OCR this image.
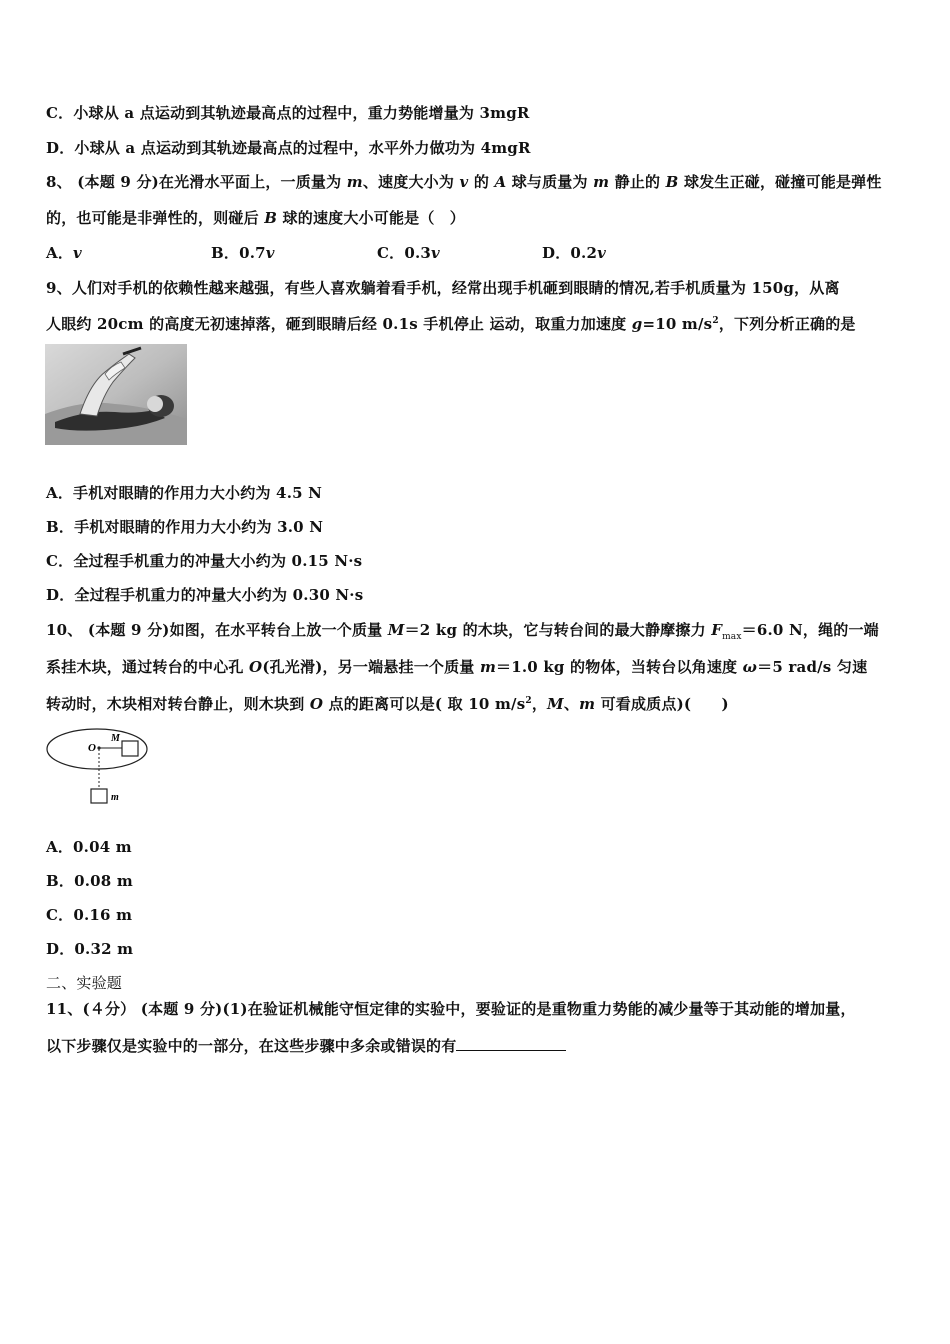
C．小球从 a 点运动到其轨迹最高点的过程中，重力势能增量为 3mgR
D．小球从 a 点运动到其轨迹最高点的过程中，水平外力做功为 4mgR
8、 (本题 9 分)在光滑水平面上，一质量为 m、速度大小为 v 的 A 球与质量为 m 静止的 B 球发生正碰，碰撞可能是弹性
的，也可能是非弹性的，则碰后 B 球的速度大小可能是（　）
A．v	B．0.7v	C．0.3v	D．0.2v
9、人们对手机的依赖性越来越强，有些人喜欢躺着看手机，经常出现手机砸到眼睛的情况,若手机质量为 150g，从离
人眼约 20cm 的高度无初速掉落，砸到眼睛后经 0.1s 手机停止 运动，取重力加速度 g=10 $m/s^2$，下列分析正确的是
A．手机对眼睛的作用力大小约为 4.5 N
B．手机对眼睛的作用力大小约为 3.0 N
C．全过程手机重力的冲量大小约为 0.15 N·s
D．全过程手机重力的冲量大小约为 0.30 N·s
10、 (本题 9 分)如图，在水平转台上放一个质量 M＝2 kg 的木块，它与转台间的最大静摩擦力 $F_{max}=6.0$ N，绳的一端
系挂木块，通过转台的中心孔 O(孔光滑)，另一端悬挂一个质量 m＝1.0 kg 的物体，当转台以角速度 ω＝5 rad/s 匀速
转动时，木块相对转台静止，则木块到 O 点的距离可以是( 取 10 $m/s^2$，M、m 可看成质点)(　　)
O
M
m
A．0.04 m
B．0.08 m
C．0.16 m
D．0.32 m
二、实验题
11、(４分） (本题 9 分)(1)在验证机械能守恒定律的实验中，要验证的是重物重力势能的减少量等于其动能的增加量，
以下步骤仅是实验中的一部分，在这些步骤中多余或错误的有
